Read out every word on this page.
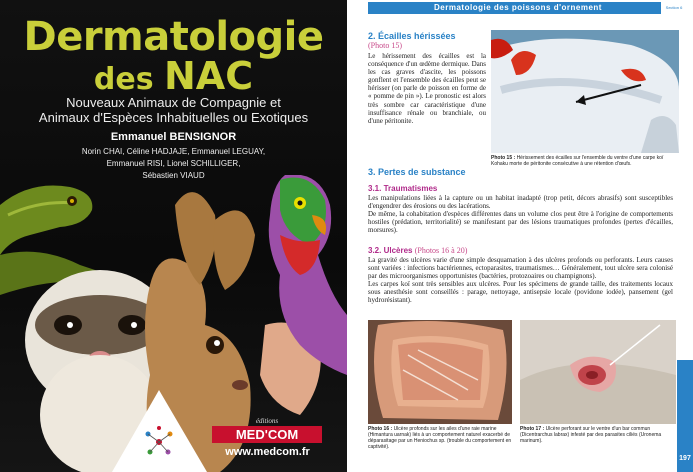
Dermatologie
des NAC
Nouveaux Animaux de Compagnie et
Animaux d'Espèces Inhabituelles ou Exotiques
Emmanuel BENSIGNOR
Norin CHAI, Céline HADJAJE, Emmanuel LEGUAY,
Emmanuel RISI, Lionel SCHILLIGER,
Sébastien VIAUD
éditions
MED'COM
www.medcom.fr
Dermatologie des poissons d'ornement	Section 6
2. Écailles hérissées
(Photo 15)
Le hérissement des écailles est la conséquence d'un œdème dermique. Dans les cas graves d'ascite, les poissons gonflent et l'ensemble des écailles peut se hérisser (on parle de poisson en forme de « pomme de pin »). Le pronostic est alors très sombre car caractéristique d'une insuffisance rénale ou branchiale, ou d'une péritonite.
Photo 15 : Hérissement des écailles sur l'ensemble du ventre d'une carpe koï Kohaku morte de péritonite consécutive à une rétention d'œufs.
3. Pertes de substance
3.1. Traumatismes
Les manipulations liées à la capture ou un habitat inadapté (trop petit, décors abrasifs) sont susceptibles d'engendrer des érosions ou des lacérations.
De même, la cohabitation d'espèces différentes dans un volume clos peut être à l'origine de comportements hostiles (prédation, territorialité) se manifestant par des lésions traumatiques profondes (pertes d'écailles, morsures).
3.2. Ulcères (Photos 16 à 20)
La gravité des ulcères varie d'une simple desquamation à des ulcères profonds ou perforants. Leurs causes sont variées : infections bactériennes, ectoparasites, traumatismes… Généralement, tout ulcère sera colonisé par des microorganismes opportunistes (bactéries, protozoaires ou champignons).
Les carpes koï sont très sensibles aux ulcères. Pour les spécimens de grande taille, des traitements locaux sous anesthésie sont conseillés : parage, nettoyage, antisepsie locale (povidone iodée), pansement (gel hydrorésistant).
Photo 16 : Ulcère profonds sur les ailes d'une raie marine (Himantura uarnak) liés à un comportement naturel exacerbé de déparasitage par un Heniochus sp. (trouble du comportement en captivité).
Photo 17 : Ulcère perforant sur le ventre d'un bar commun (Dicentrarchus labrax) infesté par des parasites ciliés (Uronema marinum).
197
